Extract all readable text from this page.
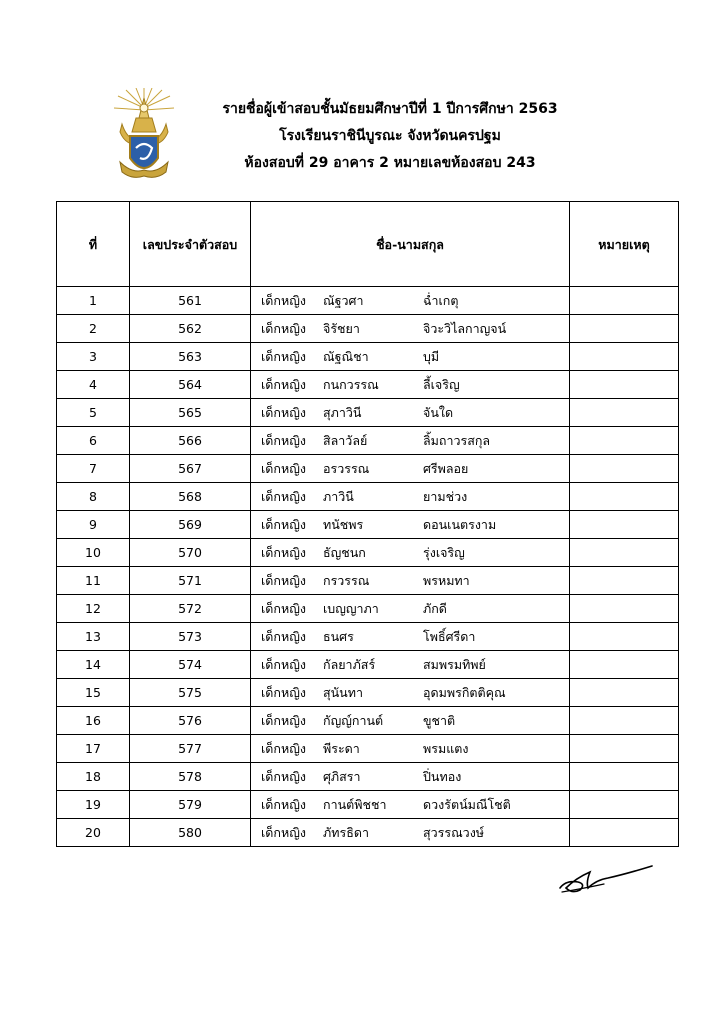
รายชื่อผู้เข้าสอบชั้นมัธยมศึกษาปีที่ 1 ปีการศึกษา 2563
โรงเรียนราชินีบูรณะ จังหวัดนครปฐม
ห้องสอบที่ 29 อาคาร 2 หมายเลขห้องสอบ 243
ที่	เลขประจำตัวสอบ	ชื่อ-นามสกุล	หมายเหตุ
1	561	เด็กหญิง ณัฐวศา ฉ่ำเกตุ	
2	562	เด็กหญิง จิรัชยา จิวะวิไลกาญจน์	
3	563	เด็กหญิง ณัฐณิชา บุมี	
4	564	เด็กหญิง กนกวรรณ ลี้เจริญ	
5	565	เด็กหญิง สุภาวินี จันใด	
6	566	เด็กหญิง สิลาวัลย์ ลิ้มถาวรสกุล	
7	567	เด็กหญิง อรวรรณ ศรีพลอย	
8	568	เด็กหญิง ภาวินี ยามช่วง	
9	569	เด็กหญิง ทนัชพร ดอนเนตรงาม	
10	570	เด็กหญิง ธัญชนก รุ่งเจริญ	
11	571	เด็กหญิง กรวรรณ พรหมทา	
12	572	เด็กหญิง เบญญาภา ภักดี	
13	573	เด็กหญิง ธนศร โพธิ์ศรีดา	
14	574	เด็กหญิง กัลยาภัสร์ สมพรมทิพย์	
15	575	เด็กหญิง สุนันทา อุดมพรกิตติคุณ	
16	576	เด็กหญิง กัญญ์กานต์ ขูชาติ	
17	577	เด็กหญิง พีระดา พรมแตง	
18	578	เด็กหญิง ศุภิสรา ปิ่นทอง	
19	579	เด็กหญิง กานต์พิชชา ดวงรัตน์มณีโชติ	
20	580	เด็กหญิง ภัทรธิดา สุวรรณวงษ์	
